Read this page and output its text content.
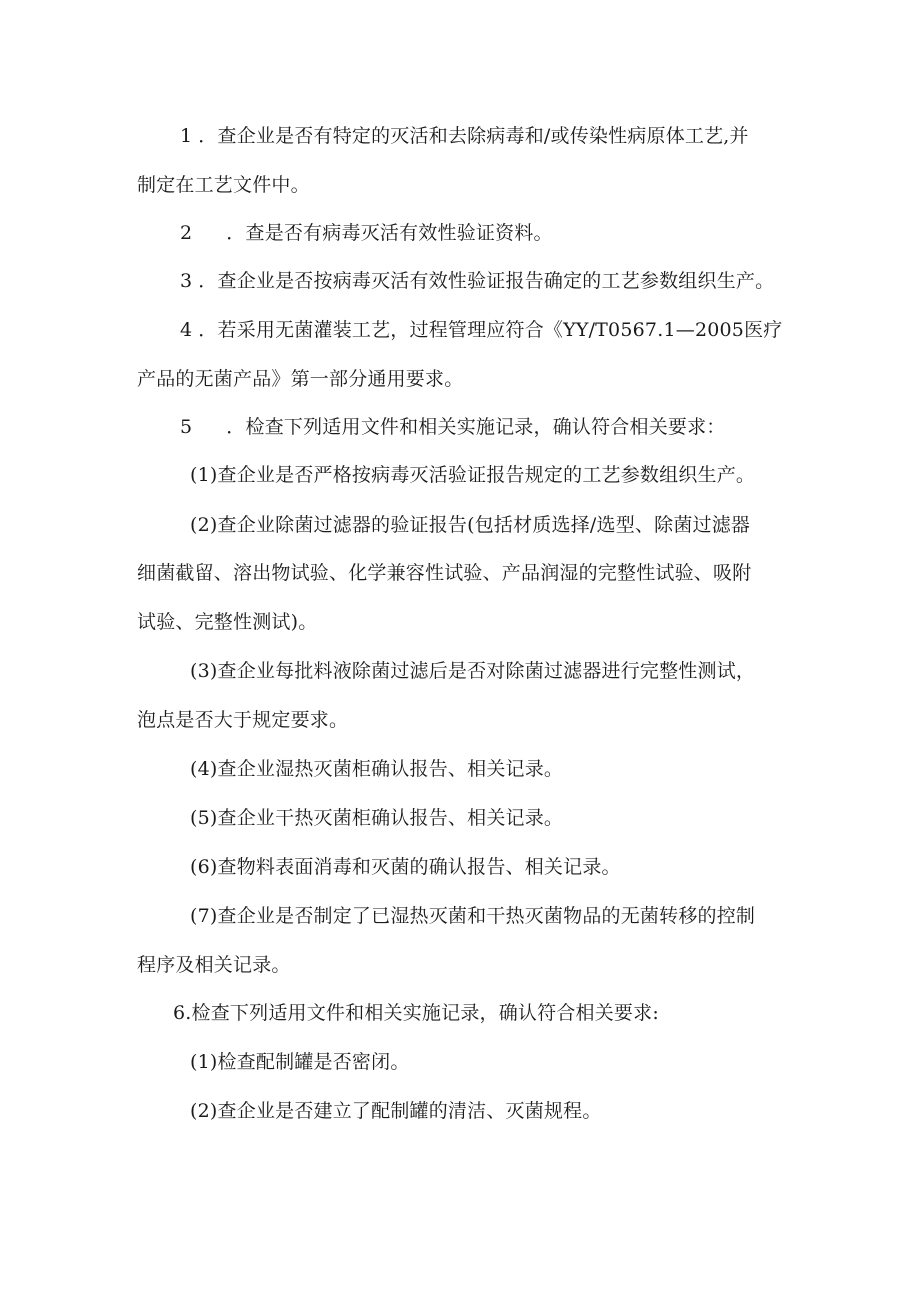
1 ．查企业是否有特定的灭活和去除病毒和/或传染性病原体工艺,并
制定在工艺文件中。
2 ．查是否有病毒灭活有效性验证资料。
3 ．查企业是否按病毒灭活有效性验证报告确定的工艺参数组织生产。
4 ．若采用无菌灌装工艺，过程管理应符合《YY/T0567.1—2005医疗
产品的无菌产品》第一部分通用要求。
5 ．检查下列适用文件和相关实施记录，确认符合相关要求：
(1)查企业是否严格按病毒灭活验证报告规定的工艺参数组织生产。
(2)查企业除菌过滤器的验证报告(包括材质选择/选型、除菌过滤器
细菌截留、溶出物试验、化学兼容性试验、产品润湿的完整性试验、吸附
试验、完整性测试)。
(3)查企业每批料液除菌过滤后是否对除菌过滤器进行完整性测试，
泡点是否大于规定要求。
(4)查企业湿热灭菌柜确认报告、相关记录。
(5)查企业干热灭菌柜确认报告、相关记录。
(6)查物料表面消毒和灭菌的确认报告、相关记录。
(7)查企业是否制定了已湿热灭菌和干热灭菌物品的无菌转移的控制
程序及相关记录。
6.检查下列适用文件和相关实施记录，确认符合相关要求:
(1)检查配制罐是否密闭。
(2)查企业是否建立了配制罐的清洁、灭菌规程。
